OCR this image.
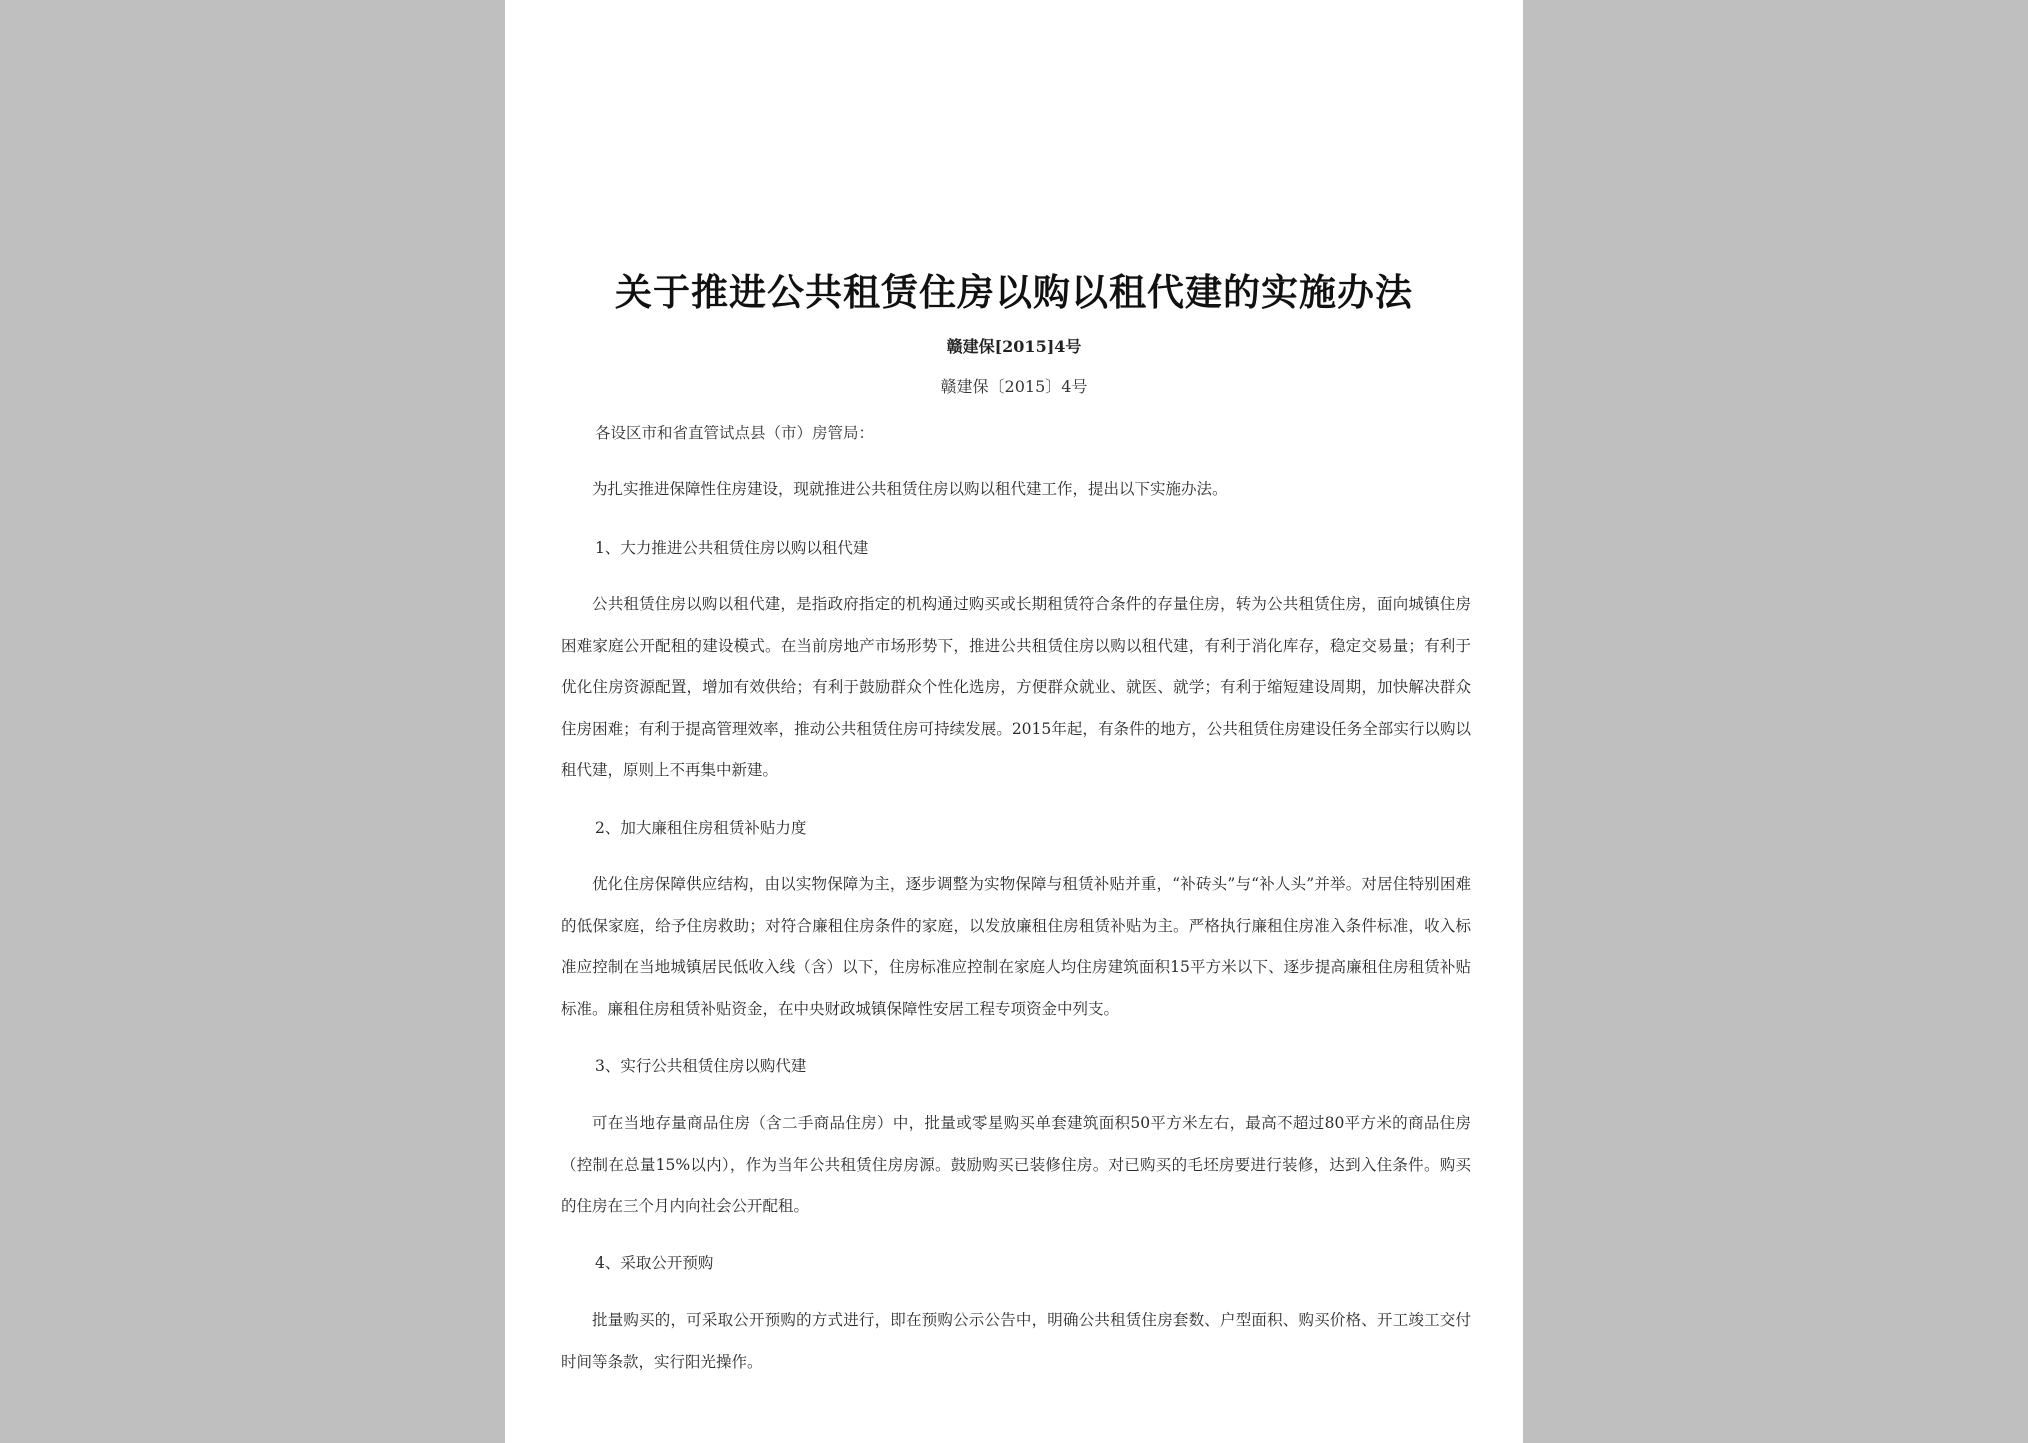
关于推进公共租赁住房以购以租代建的实施办法
赣建保[2015]4号
赣建保〔2015〕4号
各设区市和省直管试点县（市）房管局：
为扎实推进保障性住房建设，现就推进公共租赁住房以购以租代建工作，提出以下实施办法。
1、大力推进公共租赁住房以购以租代建
公共租赁住房以购以租代建，是指政府指定的机构通过购买或长期租赁符合条件的存量住房，转为公共租赁住房，面向城镇住房困难家庭公开配租的建设模式。在当前房地产市场形势下，推进公共租赁住房以购以租代建，有利于消化库存，稳定交易量；有利于优化住房资源配置，增加有效供给；有利于鼓励群众个性化选房，方便群众就业、就医、就学；有利于缩短建设周期，加快解决群众住房困难；有利于提高管理效率，推动公共租赁住房可持续发展。2015年起，有条件的地方，公共租赁住房建设任务全部实行以购以租代建，原则上不再集中新建。
2、加大廉租住房租赁补贴力度
优化住房保障供应结构，由以实物保障为主，逐步调整为实物保障与租赁补贴并重，“补砖头”与“补人头”并举。对居住特别困难的低保家庭，给予住房救助；对符合廉租住房条件的家庭，以发放廉租住房租赁补贴为主。严格执行廉租住房准入条件标准，收入标准应控制在当地城镇居民低收入线（含）以下，住房标准应控制在家庭人均住房建筑面积15平方米以下、逐步提高廉租住房租赁补贴标准。廉租住房租赁补贴资金，在中央财政城镇保障性安居工程专项资金中列支。
3、实行公共租赁住房以购代建
可在当地存量商品住房（含二手商品住房）中，批量或零星购买单套建筑面积50平方米左右，最高不超过80平方米的商品住房（控制在总量15%以内），作为当年公共租赁住房房源。鼓励购买已装修住房。对已购买的毛坯房要进行装修，达到入住条件。购买的住房在三个月内向社会公开配租。
4、采取公开预购
批量购买的，可采取公开预购的方式进行，即在预购公示公告中，明确公共租赁住房套数、户型面积、购买价格、开工竣工交付时间等条款，实行阳光操作。
